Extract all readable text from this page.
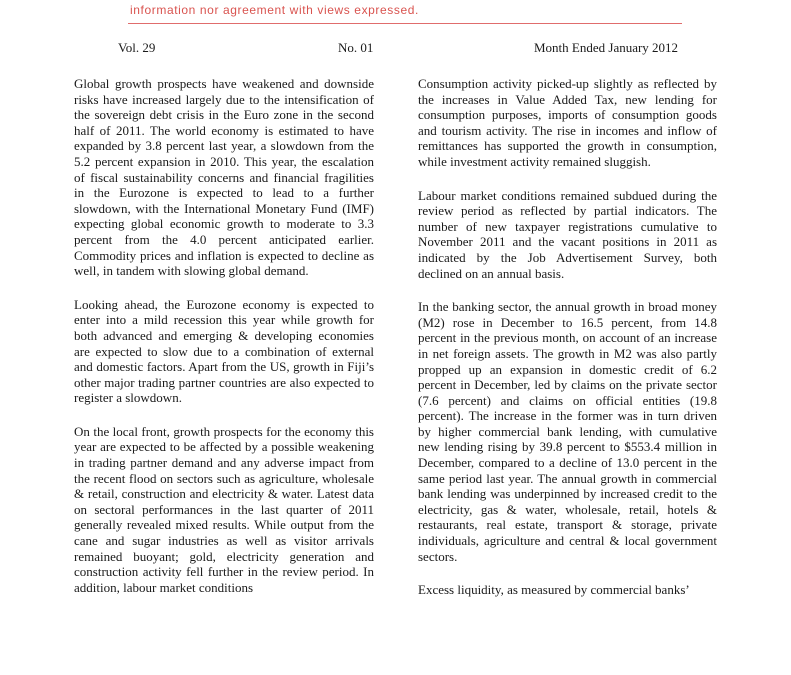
information nor agreement with views expressed.
Vol. 29	No. 01	Month Ended January 2012

Global growth prospects have weakened and downside risks have increased largely due to the intensification of the sovereign debt crisis in the Euro zone in the second half of 2011. The world economy is estimated to have expanded by 3.8 percent last year, a slowdown from the 5.2 percent expansion in 2010. This year, the escalation of fiscal sustainability concerns and financial fragilities in the Eurozone is expected to lead to a further slowdown, with the International Monetary Fund (IMF) expecting global economic growth to moderate to 3.3 percent from the 4.0 percent anticipated earlier. Commodity prices and inflation is expected to decline as well, in tandem with slowing global demand.

Looking ahead, the Eurozone economy is expected to enter into a mild recession this year while growth for both advanced and emerging & developing economies are expected to slow due to a combination of external and domestic factors. Apart from the US, growth in Fiji’s other major trading partner countries are also expected to register a slowdown.

On the local front, growth prospects for the economy this year are expected to be affected by a possible weakening in trading partner demand and any adverse impact from the recent flood on sectors such as agriculture, wholesale & retail, construction and electricity & water. Latest data on sectoral performances in the last quarter of 2011 generally revealed mixed results. While output from the cane and sugar industries as well as visitor arrivals remained buoyant; gold, electricity generation and construction activity fell further in the review period. In addition, labour market conditions

Consumption activity picked-up slightly as reflected by the increases in Value Added Tax, new lending for consumption purposes, imports of consumption goods and tourism activity. The rise in incomes and inflow of remittances has supported the growth in consumption, while investment activity remained sluggish.

Labour market conditions remained subdued during the review period as reflected by partial indicators. The number of new taxpayer registrations cumulative to November 2011 and the vacant positions in 2011 as indicated by the Job Advertisement Survey, both declined on an annual basis.

In the banking sector, the annual growth in broad money (M2) rose in December to 16.5 percent, from 14.8 percent in the previous month, on account of an increase in net foreign assets. The growth in M2 was also partly propped up an expansion in domestic credit of 6.2 percent in December, led by claims on the private sector (7.6 percent) and claims on official entities (19.8 percent). The increase in the former was in turn driven by higher commercial bank lending, with cumulative new lending rising by 39.8 percent to $553.4 million in December, compared to a decline of 13.0 percent in the same period last year. The annual growth in commercial bank lending was underpinned by increased credit to the electricity, gas & water, wholesale, retail, hotels & restaurants, real estate, transport & storage, private individuals, agriculture and central & local government sectors.

Excess liquidity, as measured by commercial banks’
